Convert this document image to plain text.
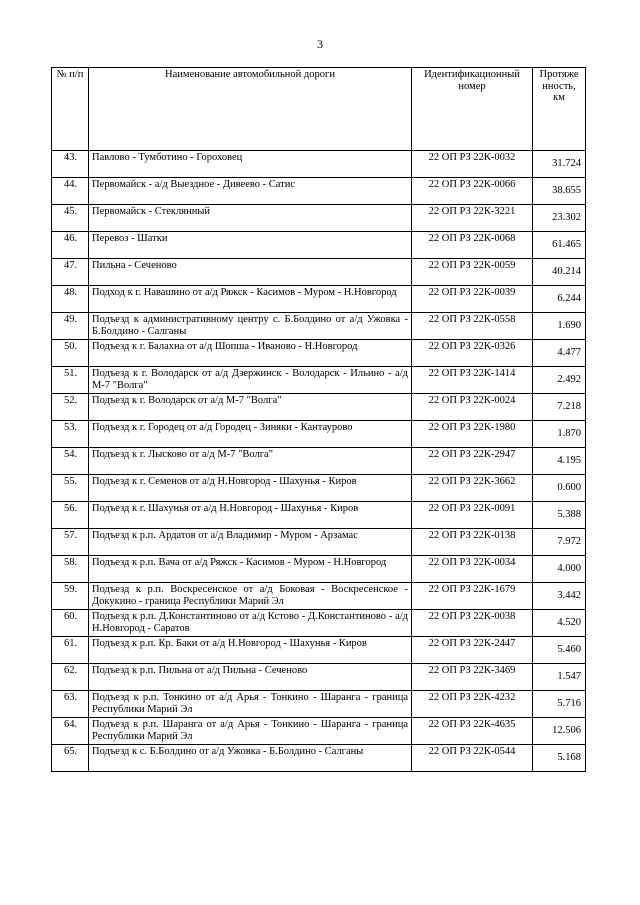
3
№ п/п	Наименование автомобильной дороги	Идентификационный номер	Протяже нность, км
43.	Павлово - Тумботино - Гороховец	22 ОП РЗ 22К-0032	31.724
44.	Первомайск - а/д Выездное - Дивеево - Сатис	22 ОП РЗ 22К-0066	38.655
45.	Первомайск - Стеклянный	22 ОП РЗ 22К-3221	23.302
46.	Перевоз - Шатки	22 ОП РЗ 22К-0068	61.465
47.	Пильна - Сеченово	22 ОП РЗ 22К-0059	40.214
48.	Подход к г. Навашино от а/д Ряжск - Касимов - Муром - Н.Новгород	22 ОП РЗ 22К-0039	6.244
49.	Подъезд к административному центру с. Б.Болдино от а/д Ужовка - Б.Болдино - Салганы	22 ОП РЗ 22К-0558	1.690
50.	Подъезд к г. Балахна от а/д Шопша - Иваново - Н.Новгород	22 ОП РЗ 22К-0326	4.477
51.	Подъезд к г. Володарск от а/д Дзержинск - Володарск - Ильино - а/д М-7 "Волга"	22 ОП РЗ 22К-1414	2.492
52.	Подъезд к г. Володарск от а/д М-7 "Волга"	22 ОП РЗ 22К-0024	7.218
53.	Подъезд к г. Городец от а/д Городец - Зиняки - Кантаурово	22 ОП РЗ 22К-1980	1.870
54.	Подъезд к г. Лысково от а/д М-7 "Волга"	22 ОП РЗ 22К-2947	4.195
55.	Подъезд к г. Семенов от а/д Н.Новгород - Шахунья - Киров	22 ОП РЗ 22К-3662	0.600
56.	Подъезд к г. Шахунья от а/д Н.Новгород - Шахунья - Киров	22 ОП РЗ 22К-0091	5.388
57.	Подъезд к р.п. Ардатов от а/д Владимир - Муром - Арзамас	22 ОП РЗ 22К-0138	7.972
58.	Подъезд к р.п. Вача от а/д Ряжск - Касимов - Муром - Н.Новгород	22 ОП РЗ 22К-0034	4.000
59.	Подъезд к р.п. Воскресенское от а/д Боковая - Воскресенское - Докукино - граница Республики Марий Эл	22 ОП РЗ 22К-1679	3.442
60.	Подъезд к р.п. Д.Константиново от а/д Кстово - Д.Константиново - а/д Н.Новгород - Саратов	22 ОП РЗ 22К-0038	4.520
61.	Подъезд к р.п. Кр. Баки от а/д Н.Новгород - Шахунья - Киров	22 ОП РЗ 22К-2447	5.460
62.	Подъезд к р.п. Пильна от а/д Пильна - Сеченово	22 ОП РЗ 22К-3469	1.547
63.	Подъезд к р.п. Тонкино от а/д Арья - Тонкино - Шаранга - граница Республики Марий Эл	22 ОП РЗ 22К-4232	5.716
64.	Подъезд к р.п. Шаранга от а/д Арья - Тонкино - Шаранга - граница Республики Марий Эл	22 ОП РЗ 22К-4635	12.506
65.	Подъезд к с. Б.Болдино от а/д Ужовка - Б.Болдино - Салганы	22 ОП РЗ 22К-0544	5.168
